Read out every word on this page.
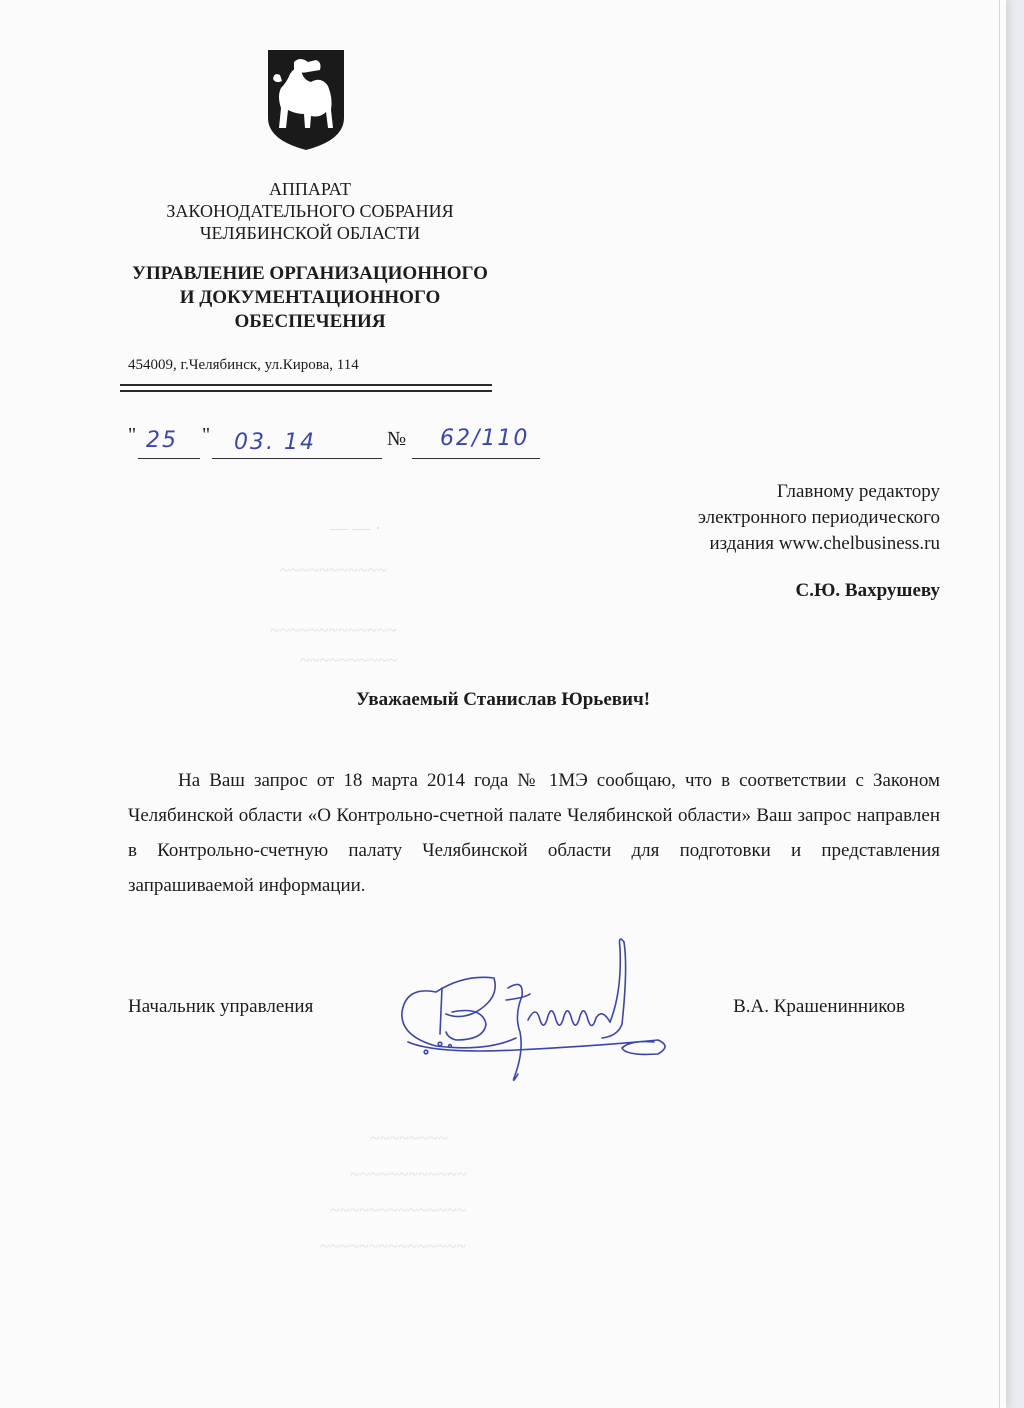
— — ·
~~~~~~~~~~~
~~~~~~~~~~~~~
~~~~~~~~~~
~~~~~~~~
~~~~~~~~~~~~
~~~~~~~~~~~~~~
~~~~~~~~~~~~~~~
АППАРАТ
ЗАКОНОДАТЕЛЬНОГО СОБРАНИЯ
ЧЕЛЯБИНСКОЙ ОБЛАСТИ
УПРАВЛЕНИЕ ОРГАНИЗАЦИОННОГО
И ДОКУМЕНТАЦИОННОГО
ОБЕСПЕЧЕНИЯ
454009, г.Челябинск, ул.Кирова, 114
" 25 " 03. 14	№ 62/110
Главному редактору
электронного периодического
издания www.chelbusiness.ru
С.Ю. Вахрушеву
Уважаемый Станислав Юрьевич!
На Ваш запрос от 18 марта 2014 года № 1МЭ сообщаю, что в соответствии с Законом Челябинской области «О Контрольно-счетной палате Челябинской области» Ваш запрос направлен в Контрольно-счетную палату Челябинской области для подготовки и представления запрашиваемой информации.
Начальник управления	В.А. Крашенинников
